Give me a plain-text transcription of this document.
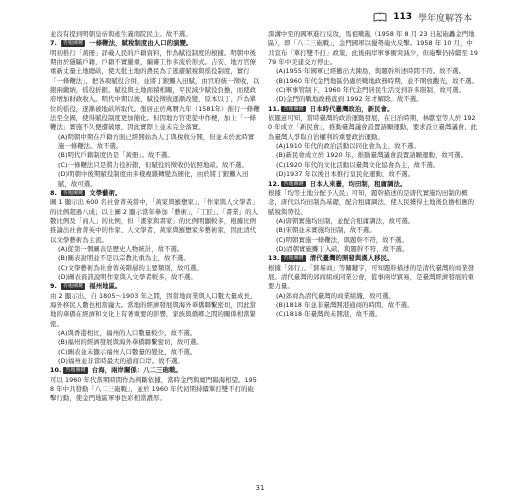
113 學年度解答本

並沒有提到明朝皇帝與產生義南院民主。故不選。

7.	答題關鍵 一條鞭法，賦稅制度由人口的演變。

明初推行「黃冊」詳載人民的戶籍資料，作為賦役制度的根據。明朝中後期由於隱瞞戶籍，戶籍不實嚴重，編審工作多流於形式。吉安、地方官僚重新丈量土地總畝，使大批土地的農民為了逃避賦稅與徭役制度，實行「一條鞭法」，把各項賦役合併，並將丁銀攤入田賦，由官府統一徵收，以銀兩繳納，徭役折銀。賦役與土地面積相關，平民減少賦役負擔，而使政府增加財政收入。明代中期以後，賦役徵收逐漸改變，原本以丁、戶為單位的徭役，逐漸被地畝所取代。張居正於萬曆九年（1581年）推行一條鞭法至全國，使得賦役制度更加簡化。但因地方官吏從中作梗，加上「一條鞭法」實施不久便遭破壞，因此實際上並未完全落實。

(A)明朝中期在戶籍方面已經開始為人丁與稅收分開，但並未於此時實施一條鞭法。故不選。

(B)明代戶籍制度仍是「黃冊」。故不選。

(C)一條鞭法只是將力役折銀，但賦役的徵收仍依照地畝。故不選。

(D)明朝中後期賦役制度由多樣複雜轉變為簡化，由於將丁銀攤入田賦，故可選。

8.	答題關鍵 文學藝術。

圖 1 顯示出 600 名社會菁英當中，「黃家與羅懋家」、「作家與人文學者」的比例超過八成；以上圖 2 顯示當年參加「藝術」、「工匠」、「書業」的人數比例及「商人」的比例，但「畫家與書家」的比例明顯較多，根據比例推論出社會菁英中的作家、人文學者、黃家與羅懋家多藝術家，因此清代以文學藝術為主流。

(A)從第一個圖表是歷史人物統計，故不選。

(B)圖表說明並不是以宗教比重為主，故不選。

(C)文學藝術為社會菁英階層的主要類別，故可選。

(D)圖表資訊說明作家與人文學者較多，故不選。

9.	答題關鍵 福州地區。

由 2 顯示出，自 1805～1903 年之間，因當地商業與人口數大量成長，海外移民人數也相當龐大。當地的經濟發展與海外華僑聯繫密切，因此當地的華僑在經濟和文化上有著重要的影響，家族與僑鄉之間的關係相當緊密。

(A)與香港相比，福州的人口數量較少。故不選。

(B)福州的經濟發展與海外華僑聯繫密切，故可選。

(C)圖表並未顯示福州人口數量的變化，故不選。

(D)福州並非當時最大的通商口岸。故不選。

10. 答題關鍵 台海，兩岸關係：八二三砲戰。

可以 1960 年代當期時間作為判斷依據，當時金門與廈門隔海相望。1958 年中共發動「八二三砲戰」，並於 1960 年代初期持續單打雙不打的砲擊行動，使金門地區軍事色彩相當濃厚。

深溝中至的國軍進行反攻，馬祖戰亂（1958 年 8 月 23 日起砲轟金門地區），即「八二三砲戰」，金門國軍以優勢砲火反擊。1958 年 10 月，中共宣布「單打雙不打」政策，此後兩岸軍事衝突減少，但砲擊仍持續至 1979 年中美建交方停止。

(A)1955 年國軍已經撤出大陳島，與題幹所述時間不符。故不選。

(B)1960 年代金門地區仍處於戰地政務時期，並不開放觀光，故不選。

(C)軍事管制下，1960 年代金門居民生活受到許多限制，故可選。

(D)金門的戰地政務直到 1992 年才解除。故不選。

11. 答題關鍵 日本時代臺灣政治，新民會。

依題意可知，當時臺灣的政治運動發展，在日治時期，林獻堂等人於 1920 年成立「新民會」，推動臺灣議會設置請願運動，要求設立臺灣議會，此為臺灣人爭取自治權利的重要政治運動。

(A)1910 年代的政治活動以同化會為主，故不選。

(B)新民會成立於 1920 年，推動臺灣議會設置請願運動，故可選。

(C)1920 年代的文化活動以臺灣文化協會為主，故不選。

(D)1937 年以後日本推行皇民化運動，故不選。

12. 答題關鍵 日本人來臺，均田制，租庸調法。

根據「均等土地分配予人民」可知，題幹描述的是唐代實施均田制的概念，唐代以均田制為基礎，配合租庸調法，使人民獲得土地後負擔相應的賦稅與勞役。

(A)唐朝實施均田制，並配合租庸調法，故可選。

(B)宋朝並未實施均田制，故不選。

(C)明朝實施一條鞭法，與題幹不符，故不選。

(D)清朝實施攤丁入畝，與題幹不符，故不選。

13. 答題關鍵 清代臺灣的開發與漢人移民。

根據「郊行」、「貿易商」等關鍵字，可知題幹描述的是清代臺灣的商業發展。清代臺灣的郊商組成同業公會，從事兩岸貿易，是臺灣經濟發展的重要力量。

(A)郊商為清代臺灣的商業組織，故可選。

(B)1818 年並非臺灣開港通商的時間，故不選。

(C)1818 年臺灣尚未開港，故不選。

31
